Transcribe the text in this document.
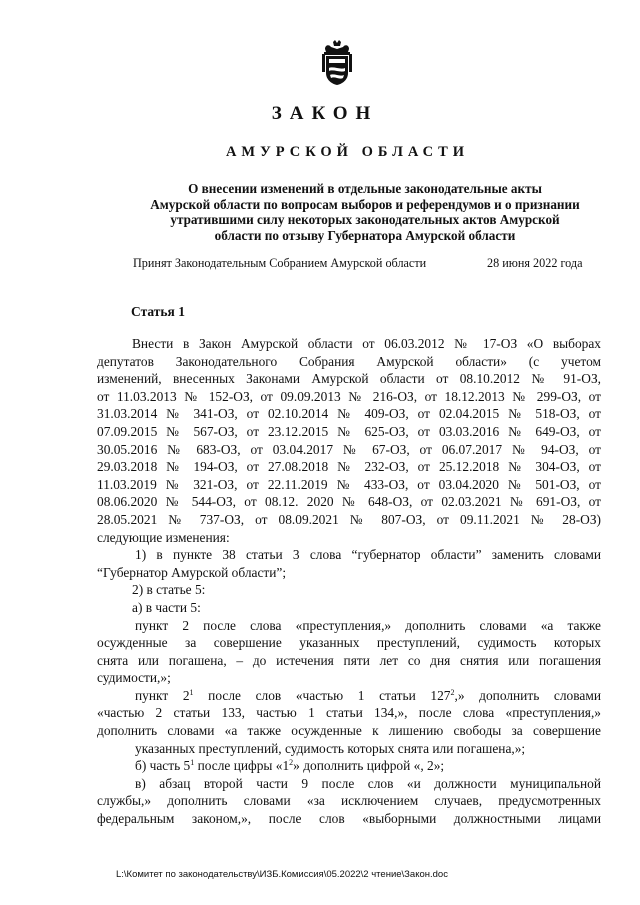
ЗАКОН
АМУРСКОЙ ОБЛАСТИ
О внесении изменений в отдельные законодательные акты
Амурской области по вопросам выборов и референдумов и о признании
утратившими силу некоторых законодательных актов Амурской
области по отзыву Губернатора Амурской области
Принят Законодательным Собранием Амурской области	28 июня 2022 года
Статья 1

Внести в Закон Амурской области от 06.03.2012 № 17-ОЗ «О выборах

депутатов Законодательного Собрания Амурской области» (с учетом

изменений, внесенных Законами Амурской области от 08.10.2012 № 91-ОЗ,

от 11.03.2013 № 152-ОЗ, от 09.09.2013 № 216-ОЗ, от 18.12.2013 № 299-ОЗ, от

31.03.2014 № 341-ОЗ, от 02.10.2014 № 409-ОЗ, от 02.04.2015 № 518-ОЗ, от

07.09.2015 № 567-ОЗ, от 23.12.2015 № 625-ОЗ, от 03.03.2016 № 649-ОЗ, от

30.05.2016 № 683-ОЗ, от 03.04.2017 № 67-ОЗ, от 06.07.2017 № 94-ОЗ, от

29.03.2018 № 194-ОЗ, от 27.08.2018 № 232-ОЗ, от 25.12.2018 № 304-ОЗ, от

11.03.2019 № 321-ОЗ, от 22.11.2019 № 433-ОЗ, от 03.04.2020 № 501-ОЗ, от

08.06.2020 № 544-ОЗ, от 08.12. 2020 № 648-ОЗ, от 02.03.2021 № 691-ОЗ, от

28.05.2021 № 737-ОЗ, от 08.09.2021 № 807-ОЗ, от 09.11.2021 № 28-ОЗ)

следующие изменения:

1) в пункте 38 статьи 3 слова “губернатор области” заменить словами

“Губернатор Амурской области”;

2) в статье 5:

а) в части 5:

пункт 2 после слова «преступления,» дополнить словами «а также

осужденные за совершение указанных преступлений, судимость которых

снята или погашена, – до истечения пяти лет со дня снятия или погашения

судимости,»;

пункт $2^1$ после слов «частью 1 статьи $127^2$,» дополнить словами

«частью 2 статьи 133, частью 1 статьи 134,», после слова «преступления,»

дополнить словами «а также осужденные к лишению свободы за совершение

указанных преступлений, судимость которых снята или погашена,»;

б) часть $5^1$ после цифры «$1^2$» дополнить цифрой «, 2»;

в) абзац второй части 9 после слов «и должности муниципальной

службы,» дополнить словами «за исключением случаев, предусмотренных

федеральным законом,», после слов «выборными должностными лицами

L:\Комитет по законодательству\ИЗБ.Комиссия\05.2022\2 чтение\Закон.doc
